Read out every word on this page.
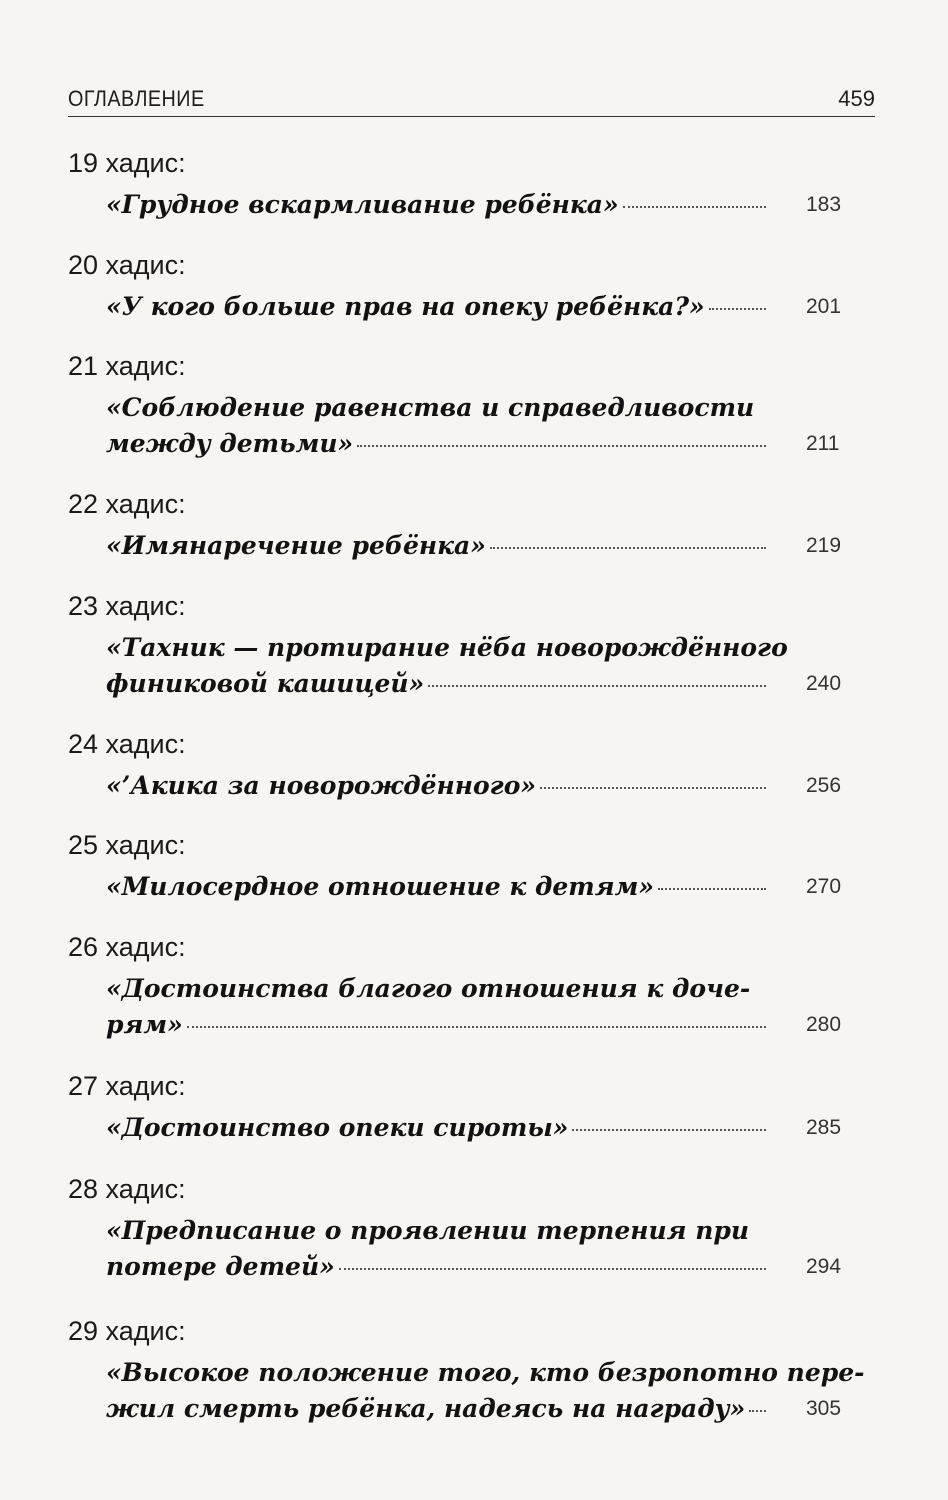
ОГЛАВЛЕНИЕ	459
19 хадис:
«Грудное вскармливание ребёнка»	183
20 хадис:
«У кого больше прав на опеку ребёнка?»	201
21 хадис:
«Соблюдение равенства и справедливости
между детьми»	211
22 хадис:
«Имянаречение ребёнка»	219
23 хадис:
«Тахник — протирание нёба новорождённого
финиковой кашицей»	240
24 хадис:
«’Акика за новорождённого»	256
25 хадис:
«Милосердное отношение к детям»	270
26 хадис:
«Достоинства благого отношения к доче-
рям»	280
27 хадис:
«Достоинство опеки сироты»	285
28 хадис:
«Предписание о проявлении терпения при
потере детей»	294
29 хадис:
«Высокое положение того, кто безропотно пере-
жил смерть ребёнка, надеясь на награду»	305
